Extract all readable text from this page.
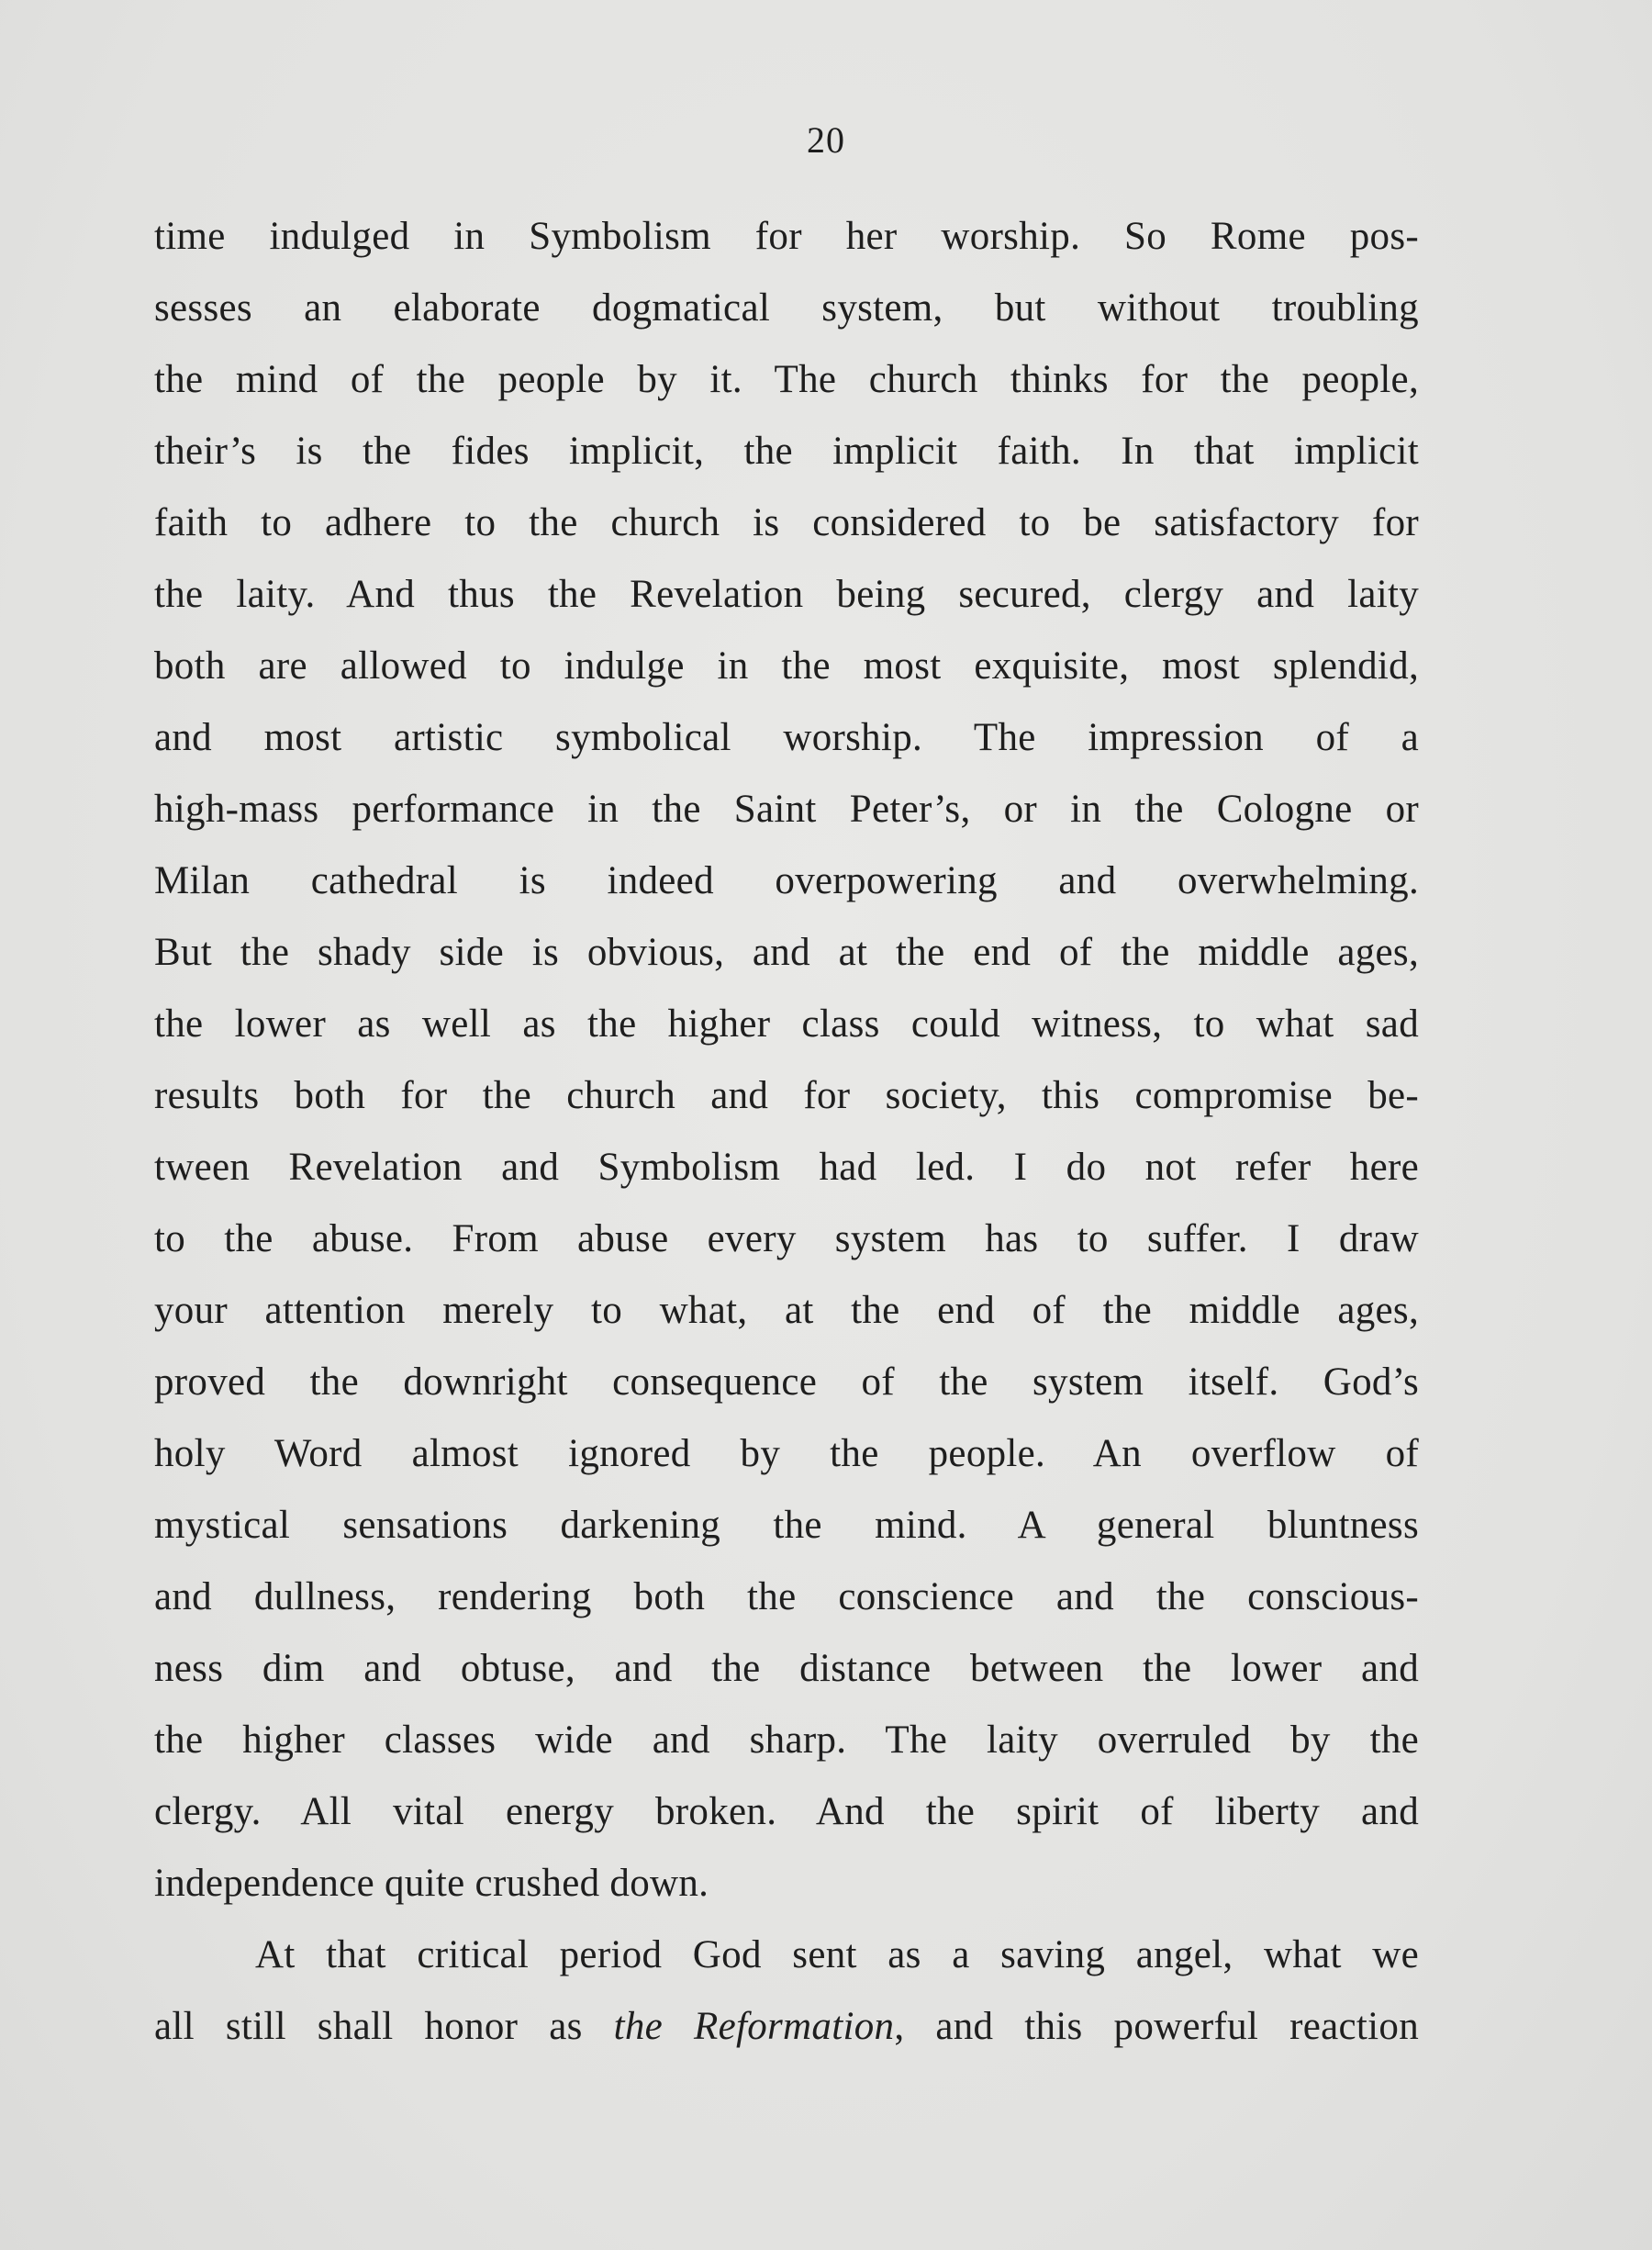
20
time indulged in Symbolism for her worship. So Rome pos-
sesses an elaborate dogmatical system, but without troubling
the mind of the people by it. The church thinks for the people,
their’s is the fides implicit, the implicit faith. In that implicit
faith to adhere to the church is considered to be satisfactory for
the laity. And thus the Revelation being secured, clergy and laity
both are allowed to indulge in the most exquisite, most splendid,
and most artistic symbolical worship. The impression of a
high-mass performance in the Saint Peter’s, or in the Cologne or
Milan cathedral is indeed overpowering and overwhelming.
But the shady side is obvious, and at the end of the middle ages,
the lower as well as the higher class could witness, to what sad
results both for the church and for society, this compromise be-
tween Revelation and Symbolism had led. I do not refer here
to the abuse. From abuse every system has to suffer. I draw
your attention merely to what, at the end of the middle ages,
proved the downright consequence of the system itself. God’s
holy Word almost ignored by the people. An overflow of
mystical sensations darkening the mind. A general bluntness
and dullness, rendering both the conscience and the conscious-
ness dim and obtuse, and the distance between the lower and
the higher classes wide and sharp. The laity overruled by the
clergy. All vital energy broken. And the spirit of liberty and
independence quite crushed down.
At that critical period God sent as a saving angel, what we
all still shall honor as the Reformation, and this powerful reaction
